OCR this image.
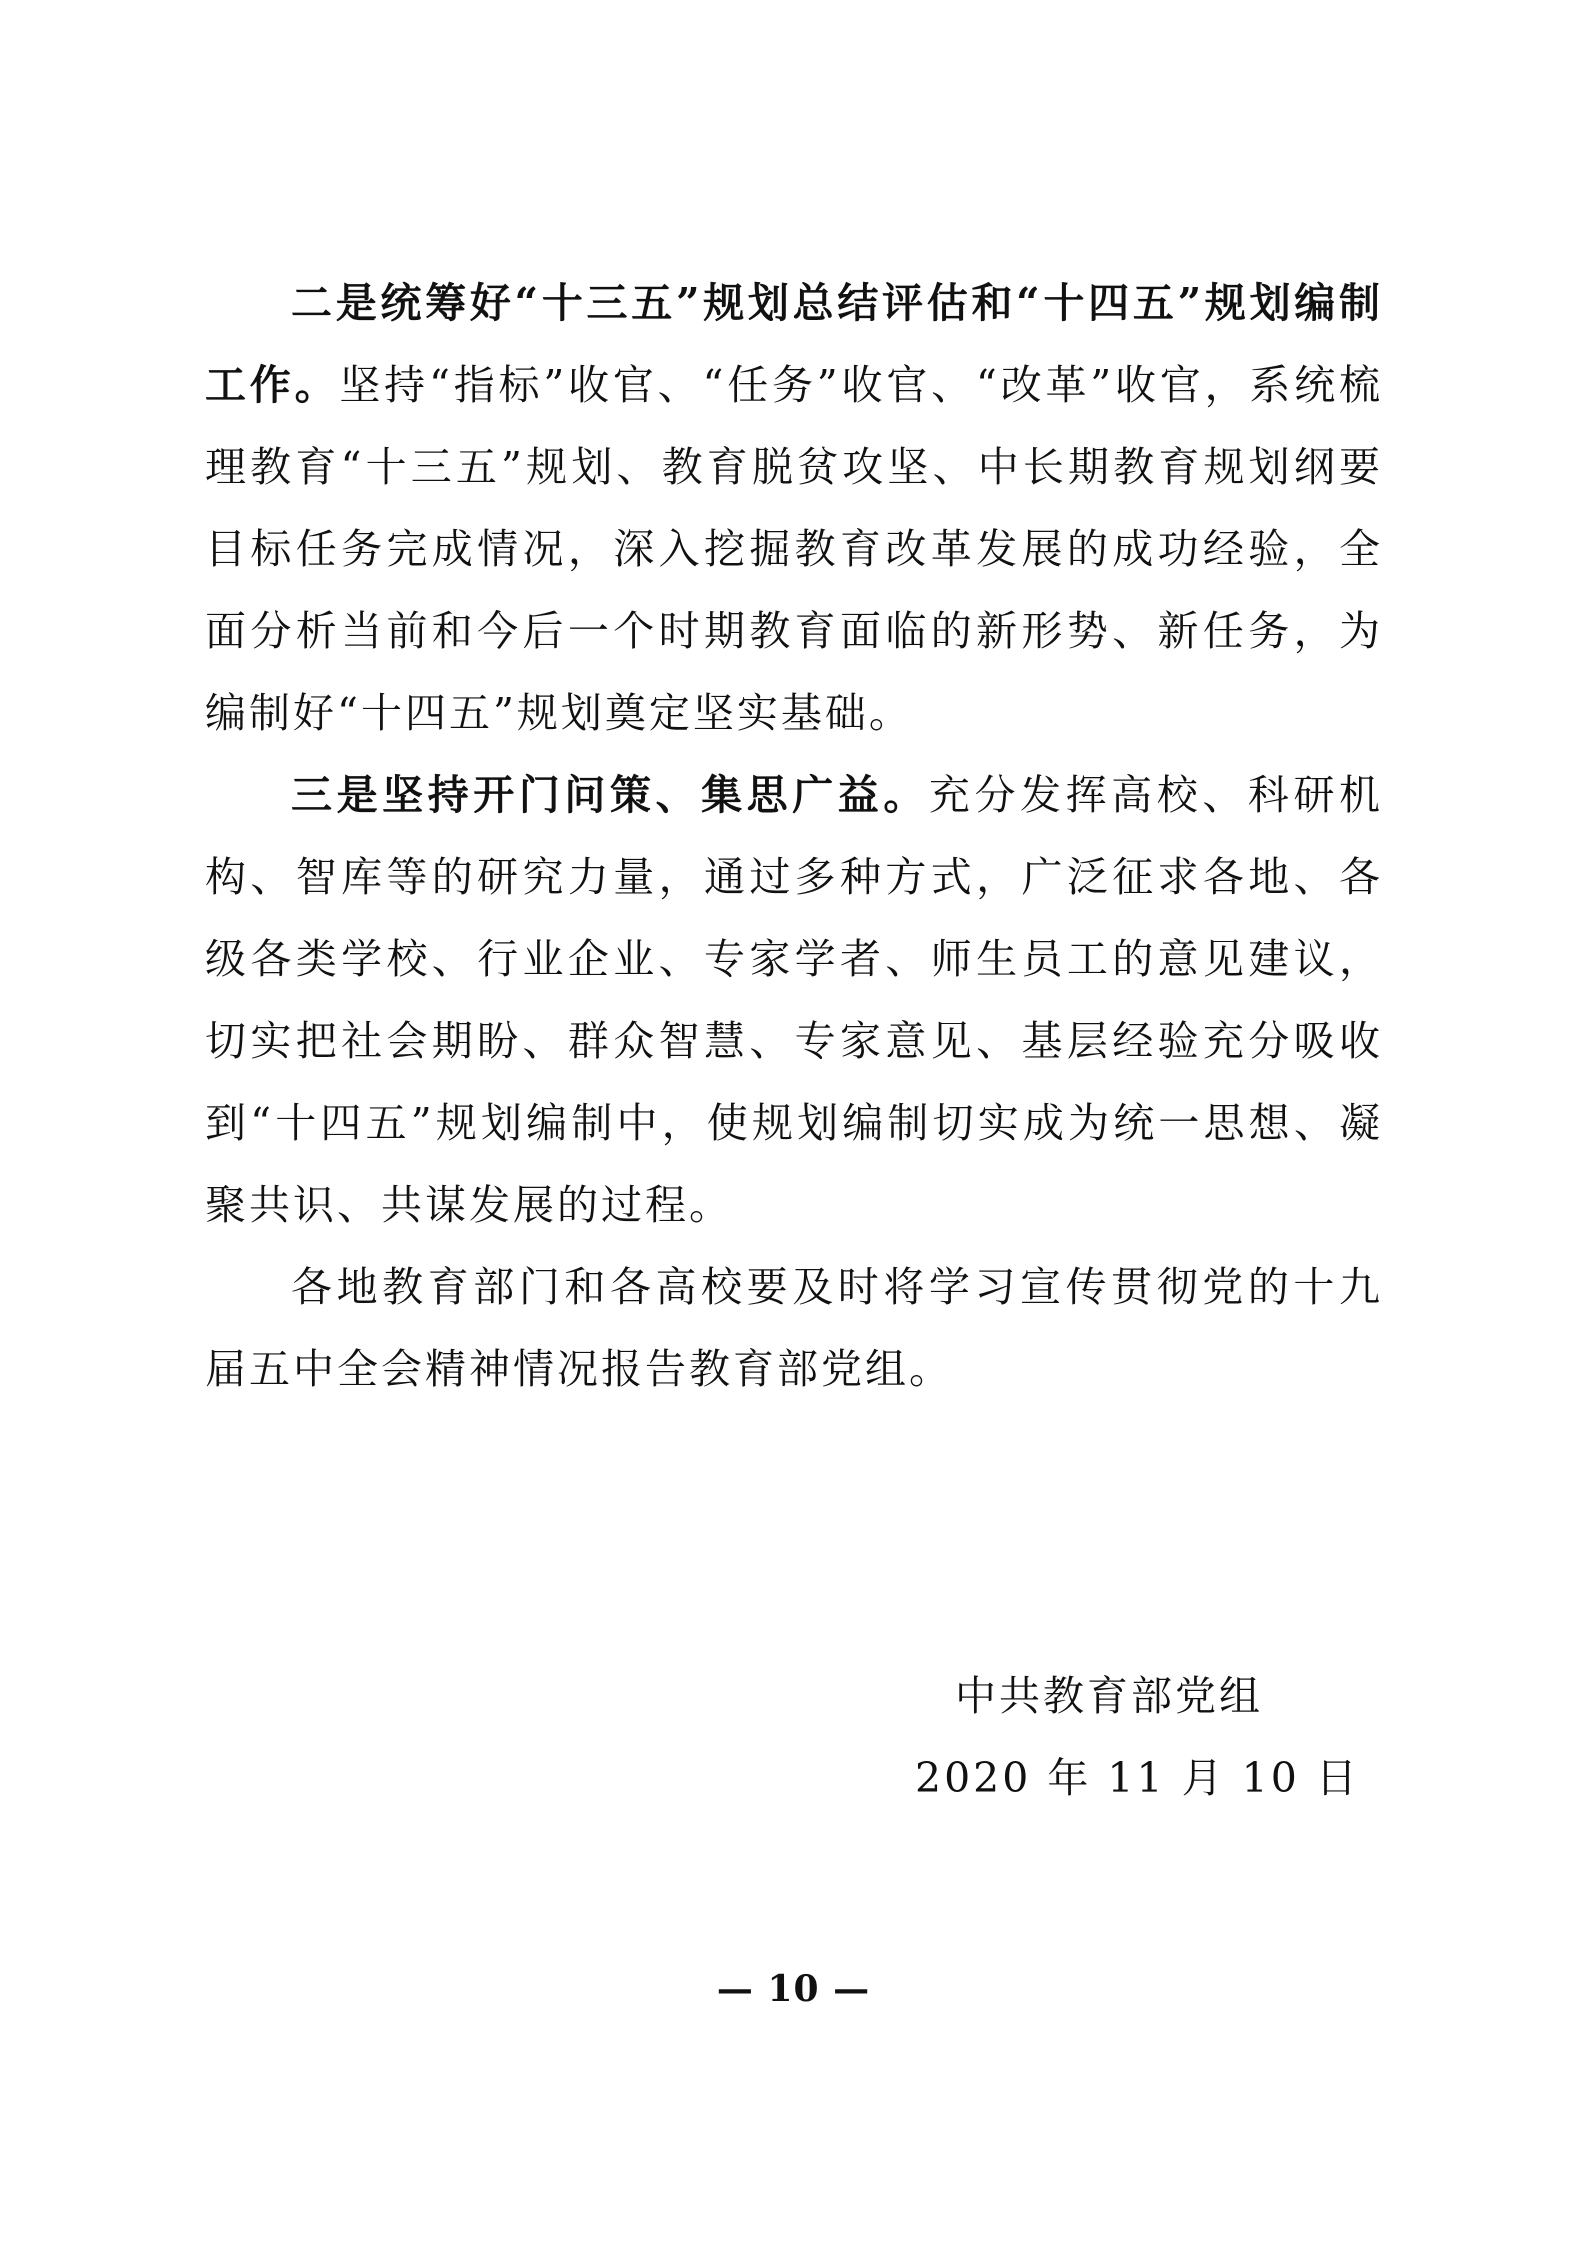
二是统筹好“十三五”规划总结评估和“十四五”规划编制工作。坚持“指标”收官、“任务”收官、“改革”收官，系统梳理教育“十三五”规划、教育脱贫攻坚、中长期教育规划纲要目标任务完成情况，深入挖掘教育改革发展的成功经验，全面分析当前和今后一个时期教育面临的新形势、新任务，为编制好“十四五”规划奠定坚实基础。

三是坚持开门问策、集思广益。充分发挥高校、科研机构、智库等的研究力量，通过多种方式，广泛征求各地、各级各类学校、行业企业、专家学者、师生员工的意见建议，切实把社会期盼、群众智慧、专家意见、基层经验充分吸收到“十四五”规划编制中，使规划编制切实成为统一思想、凝聚共识、共谋发展的过程。

各地教育部门和各高校要及时将学习宣传贯彻党的十九届五中全会精神情况报告教育部党组。

中共教育部党组
2020 年 11 月 10 日
— 10 —
